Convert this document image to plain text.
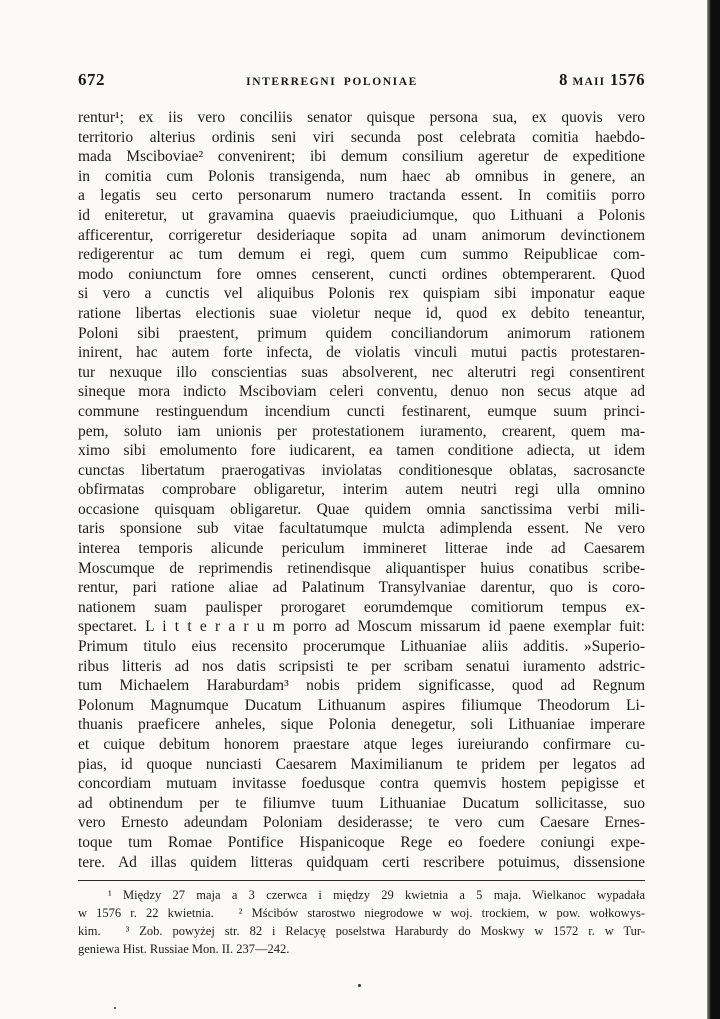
672	INTERREGNI POLONIAE	8 MAII 1576
rentur¹; ex iis vero conciliis senator quisque persona sua, ex quovis vero
territorio alterius ordinis seni viri secunda post celebrata comitia haebdo-
mada Msciboviae² convenirent; ibi demum consilium ageretur de expeditione
in comitia cum Polonis transigenda, num haec ab omnibus in genere, an
a legatis seu certo personarum numero tractanda essent. In comitiis porro
id eniteretur, ut gravamina quaevis praeiudiciumque, quo Lithuani a Polonis
afficerentur, corrigeretur desideriaque sopita ad unam animorum devinctionem
redigerentur ac tum demum ei regi, quem cum summo Reipublicae com-
modo coniunctum fore omnes censerent, cuncti ordines obtemperarent. Quod
si vero a cunctis vel aliquibus Polonis rex quispiam sibi imponatur eaque
ratione libertas electionis suae violetur neque id, quod ex debito teneantur,
Poloni sibi praestent, primum quidem conciliandorum animorum rationem
inirent, hac autem forte infecta, de violatis vinculi mutui pactis protestaren-
tur nexuque illo conscientias suas absolverent, nec alterutri regi consentirent
sineque mora indicto Msciboviam celeri conventu, denuo non secus atque ad
commune restinguendum incendium cuncti festinarent, eumque suum princi-
pem, soluto iam unionis per protestationem iuramento, crearent, quem ma-
ximo sibi emolumento fore iudicarent, ea tamen conditione adiecta, ut idem
cunctas libertatum praerogativas inviolatas conditionesque oblatas, sacrosancte
obfirmatas comprobare obligaretur, interim autem neutri regi ulla omnino
occasione quisquam obligaretur. Quae quidem omnia sanctissima verbi mili-
taris sponsione sub vitae facultatumque mulcta adimplenda essent. Ne vero
interea temporis alicunde periculum immineret litterae inde ad Caesarem
Moscumque de reprimendis retinendisque aliquantisper huius conatibus scribe-
rentur, pari ratione aliae ad Palatinum Transylvaniae darentur, quo is coro-
nationem suam paulisper prorogaret eorumdemque comitiorum tempus ex-
spectaret. L i t t e r a r u m porro ad Moscum missarum id paene exemplar fuit:
Primum titulo eius recensito procerumque Lithuaniae aliis additis. »Superio-
ribus litteris ad nos datis scripsisti te per scribam senatui iuramento adstric-
tum Michaelem Haraburdam³ nobis pridem significasse, quod ad Regnum
Polonum Magnumque Ducatum Lithuanum aspires filiumque Theodorum Li-
thuanis praeficere anheles, sique Polonia denegetur, soli Lithuaniae imperare
et cuique debitum honorem praestare atque leges iureiurando confirmare cu-
pias, id quoque nunciasti Caesarem Maximilianum te pridem per legatos ad
concordiam mutuam invitasse foedusque contra quemvis hostem pepigisse et
ad obtinendum per te filiumve tuum Lithuaniae Ducatum sollicitasse, suo
vero Ernesto adeundam Poloniam desiderasse; te vero cum Caesare Ernes-
toque tum Romae Pontifice Hispanicoque Rege eo foedere coniungi expe-
tere. Ad illas quidem litteras quidquam certi rescribere potuimus, dissensione
¹ Między 27 maja a 3 czerwca i między 29 kwietnia a 5 maja. Wielkanoc wypadała
w 1576 r. 22 kwietnia.  ² Mścibów starostwo niegrodowe w woj. trockiem, w pow. wołkowys-
kim.  ³ Zob. powyżej str. 82 i Relacyę poselstwa Haraburdy do Moskwy w 1572 r. w Tur-
geniewa Hist. Russiae Mon. II. 237—242.
